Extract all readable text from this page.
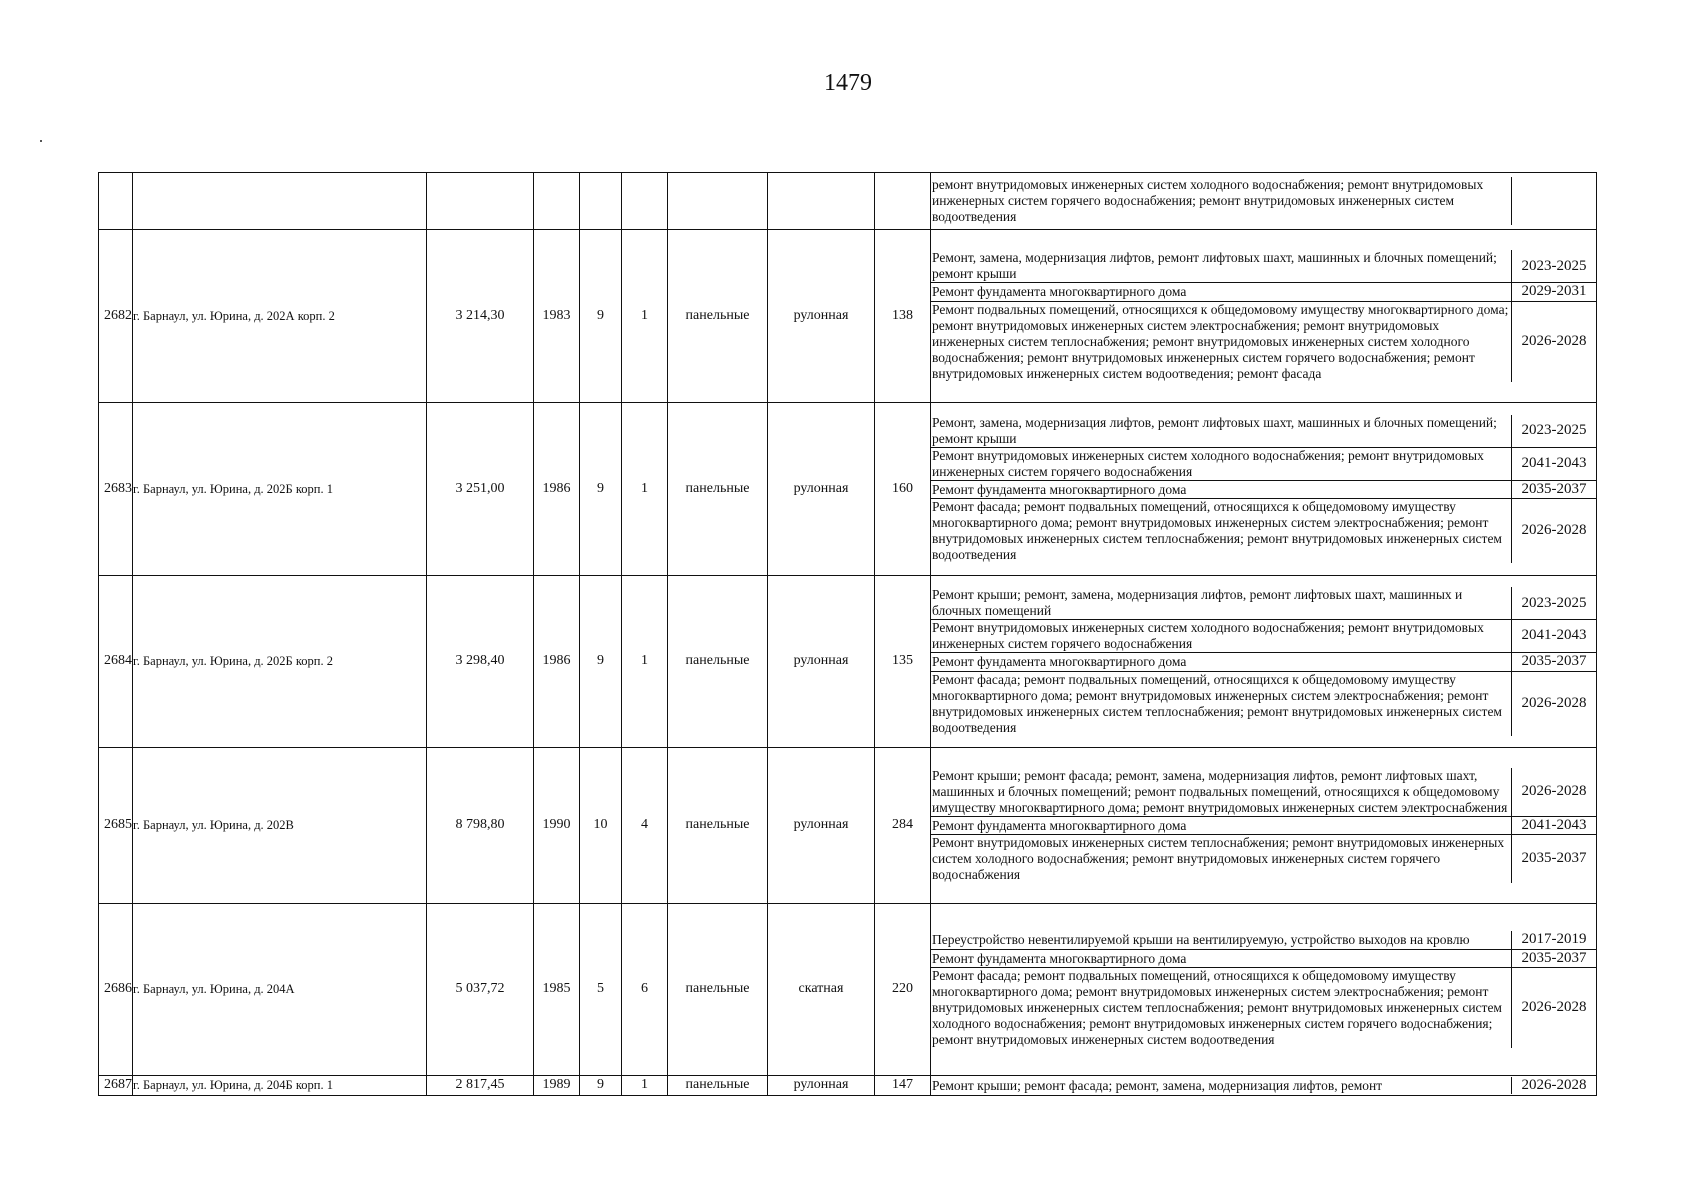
1479

ремонт внутридомовых инженерных систем холодного водоснабжения; ремонт внутридомовых инженерных систем горячего водоснабжения; ремонт внутридомовых инженерных систем водоотведения	

2682	г. Барнаул, ул. Юрина, д. 202А корп. 2	3 214,30	1983	9	1	панельные	рулонная	138	
Ремонт, замена, модернизация лифтов, ремонт лифтовых шахт, машинных и блочных помещений; ремонт крыши	2023-2025
Ремонт фундамента многоквартирного дома	2029-2031
Ремонт подвальных помещений, относящихся к общедомовому имуществу многоквартирного дома; ремонт внутридомовых инженерных систем электроснабжения; ремонт внутридомовых инженерных систем теплоснабжения; ремонт внутридомовых инженерных систем холодного водоснабжения; ремонт внутридомовых инженерных систем горячего водоснабжения; ремонт внутридомовых инженерных систем водоотведения; ремонт фасада	2026-2028

2683	г. Барнаул, ул. Юрина, д. 202Б корп. 1	3 251,00	1986	9	1	панельные	рулонная	160	
Ремонт, замена, модернизация лифтов, ремонт лифтовых шахт, машинных и блочных помещений; ремонт крыши	2023-2025
Ремонт внутридомовых инженерных систем холодного водоснабжения; ремонт внутридомовых инженерных систем горячего водоснабжения	2041-2043
Ремонт фундамента многоквартирного дома	2035-2037
Ремонт фасада; ремонт подвальных помещений, относящихся к общедомовому имуществу многоквартирного дома; ремонт внутридомовых инженерных систем электроснабжения; ремонт внутридомовых инженерных систем теплоснабжения; ремонт внутридомовых инженерных систем водоотведения	2026-2028

2684	г. Барнаул, ул. Юрина, д. 202Б корп. 2	3 298,40	1986	9	1	панельные	рулонная	135	
Ремонт крыши; ремонт, замена, модернизация лифтов, ремонт лифтовых шахт, машинных и блочных помещений	2023-2025
Ремонт внутридомовых инженерных систем холодного водоснабжения; ремонт внутридомовых инженерных систем горячего водоснабжения	2041-2043
Ремонт фундамента многоквартирного дома	2035-2037
Ремонт фасада; ремонт подвальных помещений, относящихся к общедомовому имуществу многоквартирного дома; ремонт внутридомовых инженерных систем электроснабжения; ремонт внутридомовых инженерных систем теплоснабжения; ремонт внутридомовых инженерных систем водоотведения	2026-2028

2685	г. Барнаул, ул. Юрина, д. 202В	8 798,80	1990	10	4	панельные	рулонная	284	
Ремонт крыши; ремонт фасада; ремонт, замена, модернизация лифтов, ремонт лифтовых шахт, машинных и блочных помещений; ремонт подвальных помещений, относящихся к общедомовому имуществу многоквартирного дома; ремонт внутридомовых инженерных систем электроснабжения	2026-2028
Ремонт фундамента многоквартирного дома	2041-2043
Ремонт внутридомовых инженерных систем теплоснабжения; ремонт внутридомовых инженерных систем холодного водоснабжения; ремонт внутридомовых инженерных систем горячего водоснабжения	2035-2037

2686	г. Барнаул, ул. Юрина, д. 204А	5 037,72	1985	5	6	панельные	скатная	220	
Переустройство невентилируемой крыши на вентилируемую, устройство выходов на кровлю	2017-2019
Ремонт фундамента многоквартирного дома	2035-2037
Ремонт фасада; ремонт подвальных помещений, относящихся к общедомовому имуществу многоквартирного дома; ремонт внутридомовых инженерных систем электроснабжения; ремонт внутридомовых инженерных систем теплоснабжения; ремонт внутридомовых инженерных систем холодного водоснабжения; ремонт внутридомовых инженерных систем горячего водоснабжения; ремонт внутридомовых инженерных систем водоотведения	2026-2028

2687	г. Барнаул, ул. Юрина, д. 204Б корп. 1	2 817,45	1989	9	1	панельные	рулонная	147	Ремонт крыши; ремонт фасада; ремонт, замена, модернизация лифтов, ремонт	2026-2028
